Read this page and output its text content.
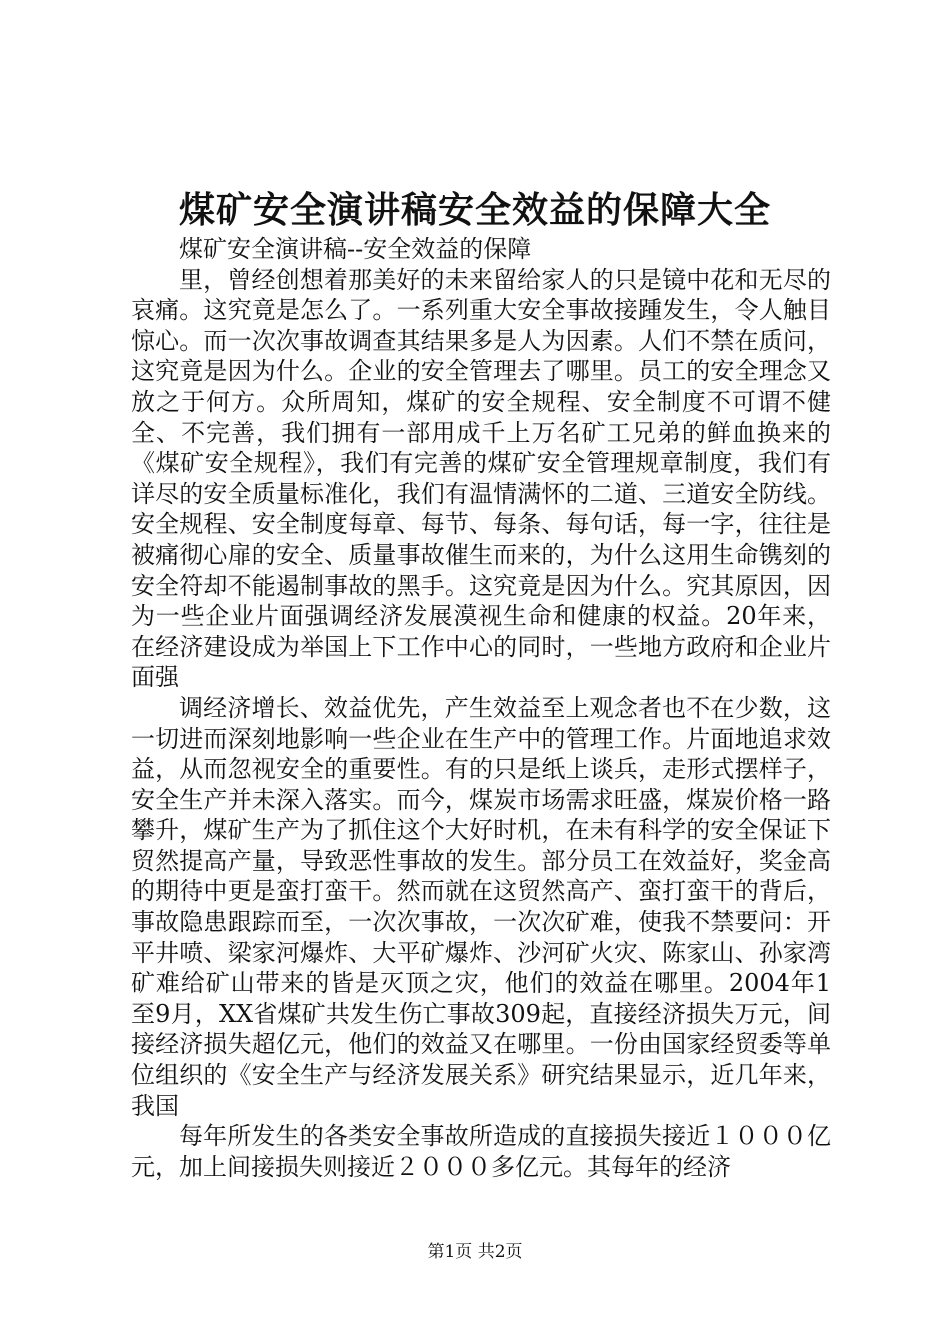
煤矿安全演讲稿安全效益的保障大全

煤矿安全演讲稿--安全效益的保障

里，曾经创想着那美好的未来留给家人的只是镜中花和无尽的哀痛。这究竟是怎么了。一系列重大安全事故接踵发生，令人触目惊心。而一次次事故调查其结果多是人为因素。人们不禁在质问，这究竟是因为什么。企业的安全管理去了哪里。员工的安全理念又放之于何方。众所周知，煤矿的安全规程、安全制度不可谓不健全、不完善，我们拥有一部用成千上万名矿工兄弟的鲜血换来的《煤矿安全规程》，我们有完善的煤矿安全管理规章制度，我们有详尽的安全质量标准化，我们有温情满怀的二道、三道安全防线。安全规程、安全制度每章、每节、每条、每句话，每一字，往往是被痛彻心扉的安全、质量事故催生而来的，为什么这用生命镌刻的安全符却不能遏制事故的黑手。这究竟是因为什么。究其原因，因为一些企业片面强调经济发展漠视生命和健康的权益。20年来，在经济建设成为举国上下工作中心的同时，一些地方政府和企业片面强

调经济增长、效益优先，产生效益至上观念者也不在少数，这一切进而深刻地影响一些企业在生产中的管理工作。片面地追求效益，从而忽视安全的重要性。有的只是纸上谈兵，走形式摆样子，安全生产并未深入落实。而今，煤炭市场需求旺盛，煤炭价格一路攀升，煤矿生产为了抓住这个大好时机，在未有科学的安全保证下贸然提高产量，导致恶性事故的发生。部分员工在效益好，奖金高的期待中更是蛮打蛮干。然而就在这贸然高产、蛮打蛮干的背后，事故隐患跟踪而至，一次次事故，一次次矿难，使我不禁要问：开平井喷、梁家河爆炸、大平矿爆炸、沙河矿火灾、陈家山、孙家湾矿难给矿山带来的皆是灭顶之灾，他们的效益在哪里。2004年1至9月，XX省煤矿共发生伤亡事故309起，直接经济损失万元，间接经济损失超亿元，他们的效益又在哪里。一份由国家经贸委等单位组织的《安全生产与经济发展关系》研究结果显示，近几年来，我国

每年所发生的各类安全事故所造成的直接损失接近１０００亿元，加上间接损失则接近２０００多亿元。其每年的经济

第1页 共2页
